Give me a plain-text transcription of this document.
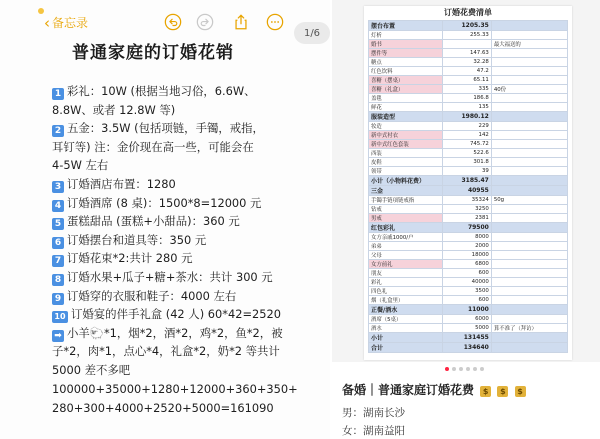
‹ 备忘录
普通家庭的订婚花销
1 彩礼：10W (根据当地习俗，6.6W、
8.8W、或者 12.8W 等)
2 五金：3.5W (包括项链，手镯，戒指，
耳钉等) 注：金价现在高一些，可能会在
4-5W 左右
3 订婚酒店布置：1280
4 订婚酒席 (8 桌)：1500*8=12000 元
5 蛋糕甜品 (蛋糕+小甜品)：360 元
6 订婚摆台和道具等：350 元
7 订婚花束*2:共计 280 元
8 订婚水果+瓜子+糖+茶水：共计 300 元
9 订婚穿的衣服和鞋子：4000 左右
10 订婚宴的伴手礼盒 (42 人) 60*42=2520
➡ 小羊🐑*1，烟*2，酒*2，鸡*2，鱼*2，被
子*2，肉*1，点心*4，礼盒*2，奶*2 等共计
5000 差不多吧
100000+35000+1280+12000+360+350+
280+300+4000+2520+5000=161090
1/6
订婚花费清单
摆台布置	1205.35	
灯析	255.33	
婚书		最大福送的
摆件等	147.63	
糖点	32.28	
红色饮料	47.2	
喜糖（摆桌）	65.11	
喜糖（礼盒）	335	40份
盖毯	186.8	
鲜花	135	
服装造型	1980.12	
妆造	229	
新中式衬衣	142	
新中式红色套装	745.72	
西装	522.6	
皮鞋	301.8	
领带	39	
小计（小物料花费）	3185.47	
三金	40955	
手镯手链项链戒指	35324	50g
钻戒	3250	
男戒	2381	
红包彩礼	79500	
女方亲戚1000/户	8000	
弟弟	2000	
父母	18000	
女方前礼	6800	
朋友	600	
彩礼	40000	
四色礼	3500	
烟（礼盒里）	600	
正餐/酒水	11000	
酒席（5桌）	6000	
酒水	5000	算不准了（拜访）
小计	131455	
合计	134640	
备婚｜普通家庭订婚花费 $ $ $
男：湖南长沙
女：湖南益阳
